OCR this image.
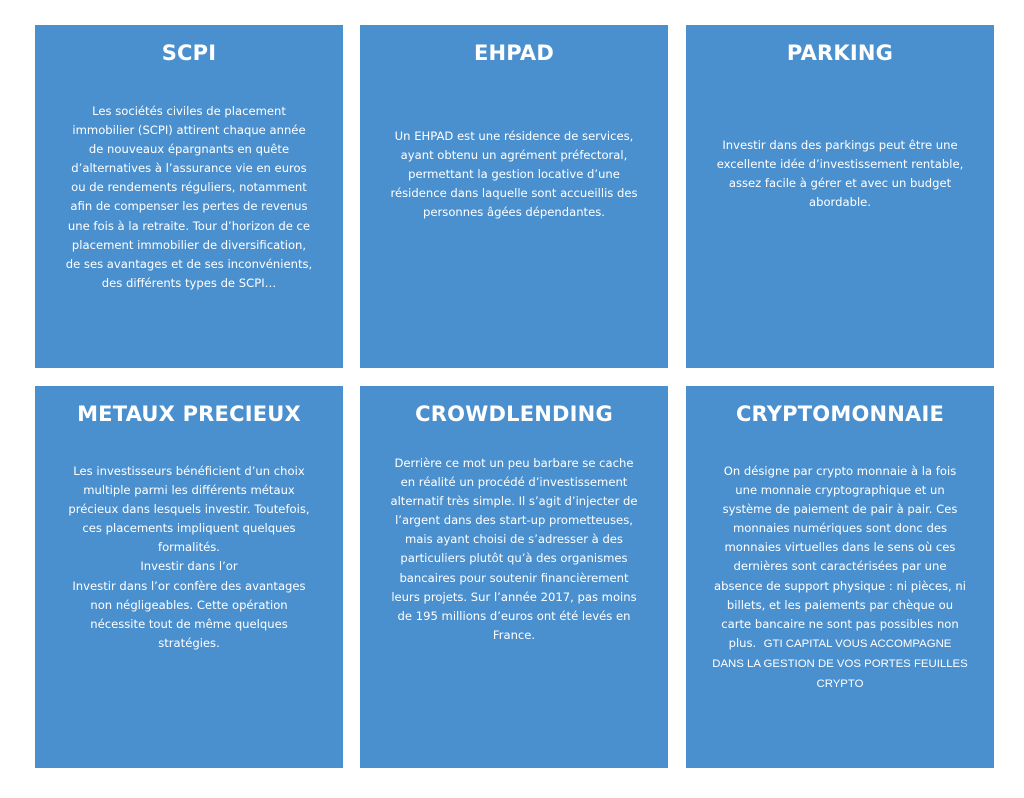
SCPI

Les sociétés civiles de placement immobilier (SCPI) attirent chaque année de nouveaux épargnants en quête d’alternatives à l’assurance vie en euros ou de rendements réguliers, notamment afin de compenser les pertes de revenus une fois à la retraite. Tour d’horizon de ce placement immobilier de diversification, de ses avantages et de ses inconvénients, des différents types de SCPI…

EHPAD

Un EHPAD est une résidence de services, ayant obtenu un agrément préfectoral, permettant la gestion locative d’une résidence dans laquelle sont accueillis des personnes âgées dépendantes.

PARKING

Investir dans des parkings peut être une excellente idée d’investissement rentable, assez facile à gérer et avec un budget abordable.

METAUX PRECIEUX

Les investisseurs bénéficient d’un choix multiple parmi les différents métaux précieux dans lesquels investir. Toutefois, ces placements impliquent quelques formalités.

Investir dans l’or

Investir dans l’or confère des avantages non négligeables. Cette opération nécessite tout de même quelques stratégies.

CROWDLENDING

Derrière ce mot un peu barbare se cache en réalité un procédé d’investissement alternatif très simple. Il s’agit d’injecter de l’argent dans des start-up prometteuses, mais ayant choisi de s’adresser à des particuliers plutôt qu’à des organismes bancaires pour soutenir financièrement leurs projets. Sur l’année 2017, pas moins de 195 millions d’euros ont été levés en France.

CRYPTOMONNAIE

On désigne par crypto monnaie à la fois une monnaie cryptographique et un système de paiement de pair à pair. Ces monnaies numériques sont donc des monnaies virtuelles dans le sens où ces dernières sont caractérisées par une absence de support physique : ni pièces, ni billets, et les paiements par chèque ou carte bancaire ne sont pas possibles non plus. GTI CAPITAL VOUS ACCOMPAGNE DANS LA GESTION DE VOS PORTES FEUILLES CRYPTO
